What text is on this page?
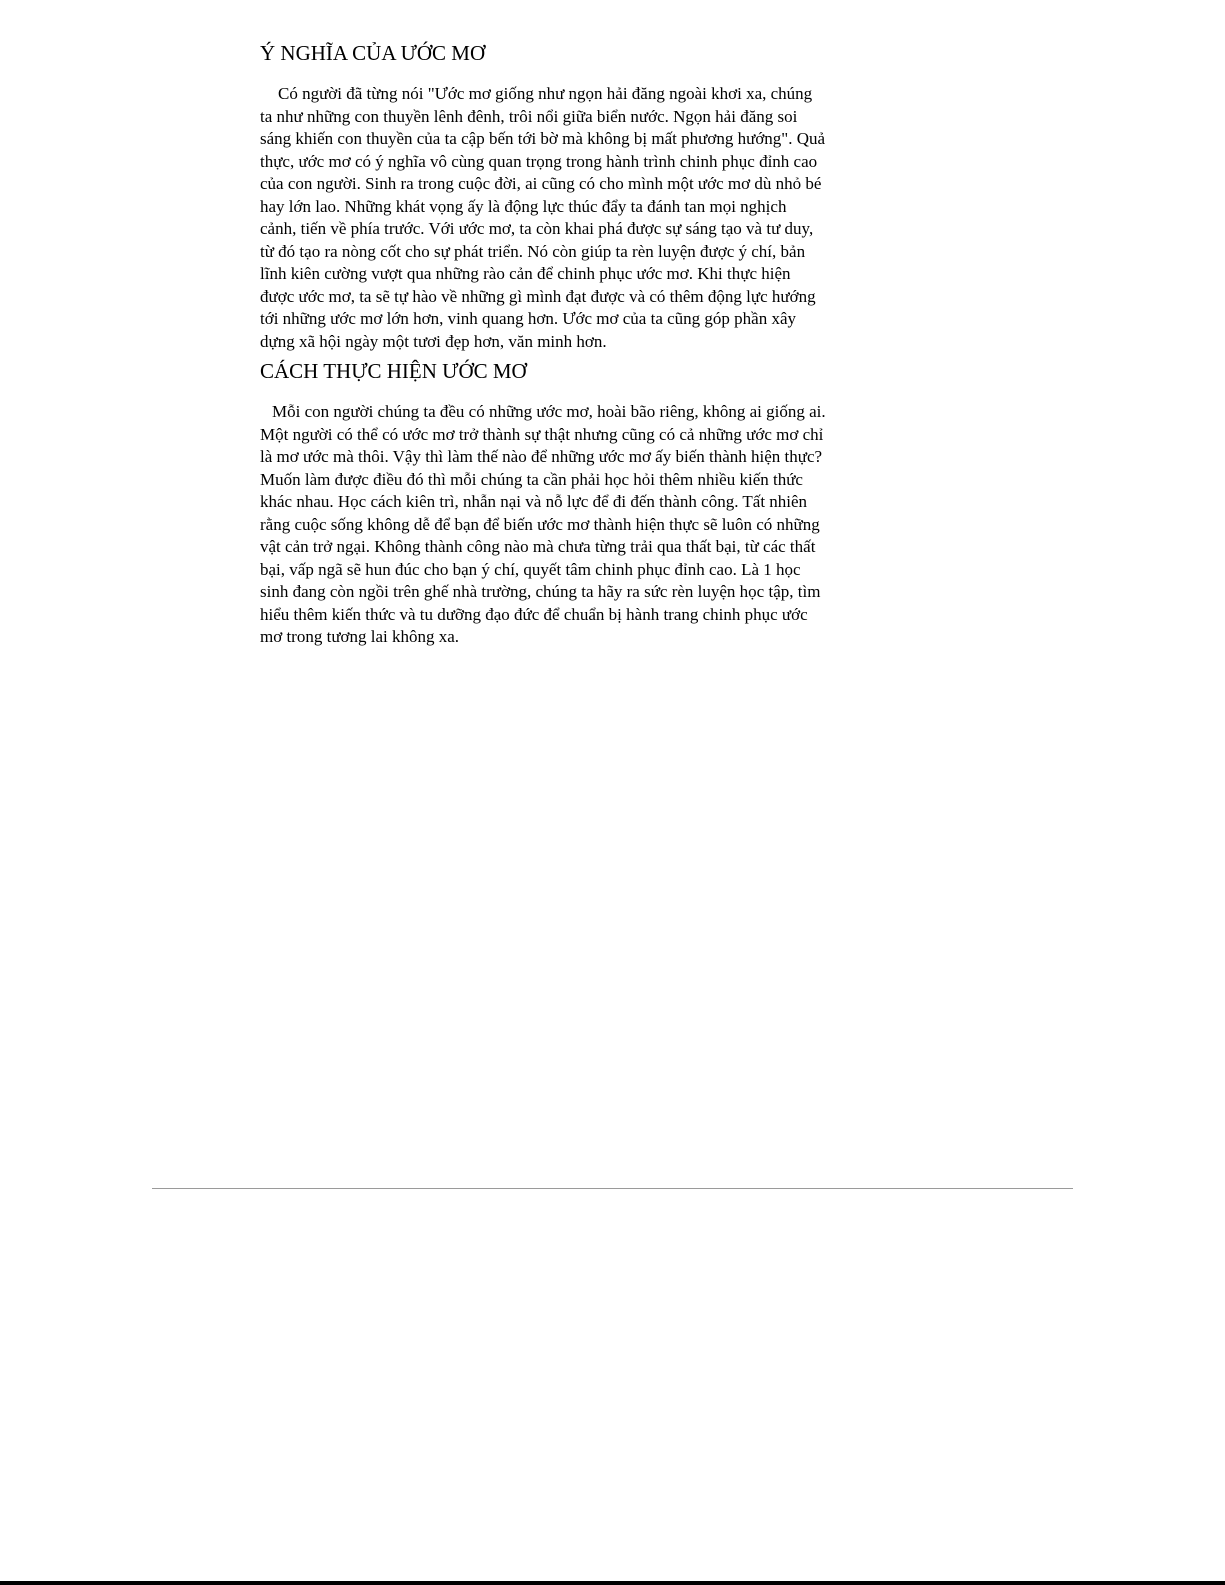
Ý NGHĨA CỦA ƯỚC MƠ

Có người đã từng nói "Ước mơ giống như ngọn hải đăng ngoài khơi xa, chúng ta như những con thuyền lênh đênh, trôi nổi giữa biển nước. Ngọn hải đăng soi sáng khiến con thuyền của ta cập bến tới bờ mà không bị mất phương hướng". Quả thực, ước mơ có ý nghĩa vô cùng quan trọng trong hành trình chinh phục đỉnh cao của con người. Sinh ra trong cuộc đời, ai cũng có cho mình một ước mơ dù nhỏ bé hay lớn lao. Những khát vọng ấy là động lực thúc đẩy ta đánh tan mọi nghịch cảnh, tiến về phía trước. Với ước mơ, ta còn khai phá được sự sáng tạo và tư duy, từ đó tạo ra nòng cốt cho sự phát triển. Nó còn giúp ta rèn luyện được ý chí, bản lĩnh kiên cường vượt qua những rào cản để chinh phục ước mơ. Khi thực hiện được ước mơ, ta sẽ tự hào về những gì mình đạt được và có thêm động lực hướng tới những ước mơ lớn hơn, vinh quang hơn. Ước mơ của ta cũng góp phần xây dựng xã hội ngày một tươi đẹp hơn, văn minh hơn.

CÁCH THỰC HIỆN ƯỚC MƠ

Mỗi con người chúng ta đều có những ước mơ, hoài bão riêng, không ai giống ai. Một người có thể có ước mơ trở thành sự thật nhưng cũng có cả những ước mơ chỉ là mơ ước mà thôi. Vậy thì làm thế nào để những ước mơ ấy biến thành hiện thực? Muốn làm được điều đó thì mỗi chúng ta cần phải học hỏi thêm nhiều kiến thức khác nhau. Học cách kiên trì, nhẫn nại và nỗ lực để đi đến thành công. Tất nhiên rằng cuộc sống không dễ để bạn để biến ước mơ thành hiện thực sẽ luôn có những vật cản trở ngại. Không thành công nào mà chưa từng trải qua thất bại, từ các thất bại, vấp ngã sẽ hun đúc cho bạn ý chí, quyết tâm chinh phục đỉnh cao. Là 1 học sinh đang còn ngồi trên ghế nhà trường, chúng ta hãy ra sức rèn luyện học tập, tìm hiểu thêm kiến thức và tu dưỡng đạo đức để chuẩn bị hành trang chinh phục ước mơ trong tương lai không xa.
